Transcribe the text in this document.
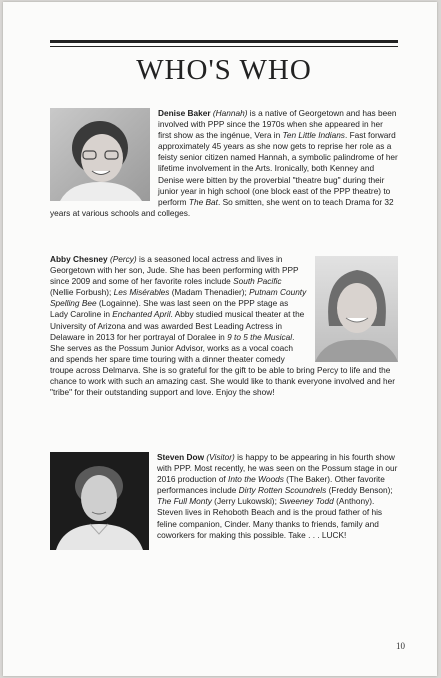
WHO'S WHO
Denise Baker (Hannah) is a native of Georgetown and has been involved with PPP since the 1970s when she appeared in her first show as the ingénue, Vera in Ten Little Indians. Fast forward approximately 45 years as she now gets to reprise her role as a feisty senior citizen named Hannah, a symbolic palindrome of her lifetime involvement in the Arts. Ironically, both Kenney and Denise were bitten by the proverbial "theatre bug" during their junior year in high school (one block east of the PPP theatre) to perform The Bat. So smitten, she went on to teach Drama for 32 years at various schools and colleges.
Abby Chesney (Percy) is a seasoned local actress and lives in Georgetown with her son, Jude. She has been performing with PPP since 2009 and some of her favorite roles include South Pacific (Nellie Forbush); Les Misérables (Madam Thenadier); Putnam County Spelling Bee (Logainne). She was last seen on the PPP stage as Lady Caroline in Enchanted April. Abby studied musical theater at the University of Arizona and was awarded Best Leading Actress in Delaware in 2013 for her portrayal of Doralee in 9 to 5 the Musical. She serves as the Possum Junior Advisor, works as a vocal coach and spends her spare time touring with a dinner theater comedy troupe across Delmarva. She is so grateful for the gift to be able to bring Percy to life and the chance to work with such an amazing cast. She would like to thank everyone involved and her "tribe" for their outstanding support and love. Enjoy the show!
Steven Dow (Visitor) is happy to be appearing in his fourth show with PPP. Most recently, he was seen on the Possum stage in our 2016 production of Into the Woods (The Baker). Other favorite performances include Dirty Rotten Scoundrels (Freddy Benson); The Full Monty (Jerry Lukowski); Sweeney Todd (Anthony). Steven lives in Rehoboth Beach and is the proud father of his feline companion, Cinder. Many thanks to friends, family and coworkers for making this possible. Take . . . LUCK!
10
